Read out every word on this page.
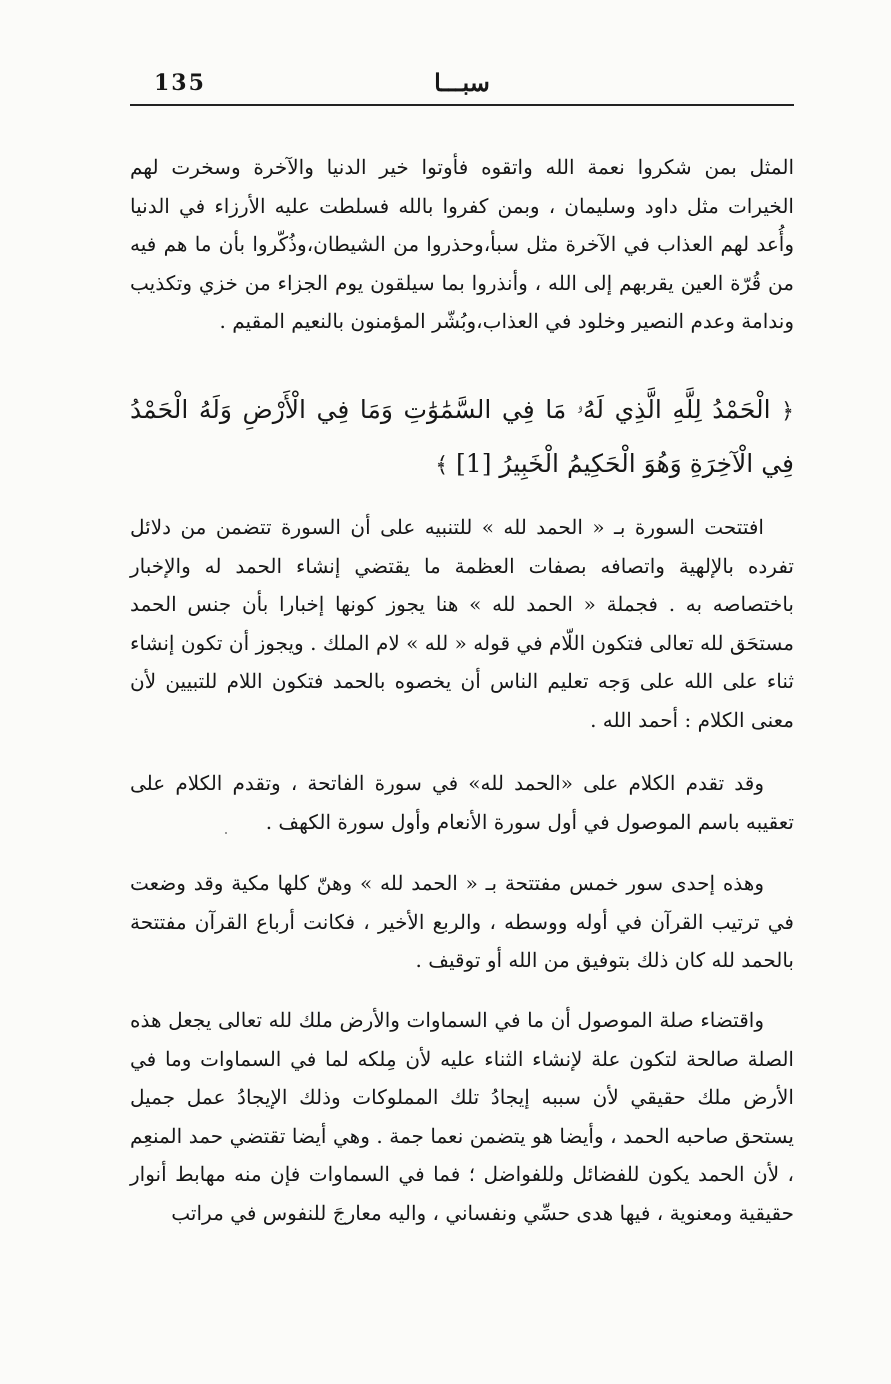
135	سبـــا

المثل بمن شكروا نعمة الله واتقوه فأوتوا خير الدنيا والآخرة وسخرت لهم الخيرات مثل داود وسليمان ، وبمن كفروا بالله فسلطت عليه الأرزاء في الدنيا وأُعد لهم العذاب في الآخرة مثل سبأ،وحذروا من الشيطان،وذُكّروا بأن ما هم فيه من قُرّة العين يقربهم إلى الله ، وأنذروا بما سيلقون يوم الجزاء من خزي وتكذيب وندامة وعدم النصير وخلود في العذاب،وبُشّر المؤمنون بالنعيم المقيم .

﴿ الْحَمْدُ لِلَّهِ الَّذِي لَهُۥ مَا فِي السَّمَٰوَٰتِ وَمَا فِي الْأَرْضِ وَلَهُ الْحَمْدُ فِي الْآخِرَةِ وَهُوَ الْحَكِيمُ الْخَبِيرُ [1] ﴾

افتتحت السورة بـ « الحمد لله » للتنبيه على أن السورة تتضمن من دلائل تفرده بالإلهية واتصافه بصفات العظمة ما يقتضي إنشاء الحمد له والإخبار باختصاصه به . فجملة « الحمد لله » هنا يجوز كونها إخبارا بأن جنس الحمد مستحَق لله تعالى فتكون اللّام في قوله « لله » لام الملك . ويجوز أن تكون إنشاء ثناء على الله على وَجه تعليم الناس أن يخصوه بالحمد فتكون اللام للتبيين لأن معنى الكلام : أحمد الله .

وقد تقدم الكلام على «الحمد لله» في سورة الفاتحة ، وتقدم الكلام على تعقيبه باسم الموصول في أول سورة الأنعام وأول سورة الكهف .

وهذه إحدى سور خمس مفتتحة بـ « الحمد لله » وهنّ كلها مكية وقد وضعت في ترتيب القرآن في أوله ووسطه ، والربع الأخير ، فكانت أرباع القرآن مفتتحة بالحمد لله كان ذلك بتوفيق من الله أو توقيف .

واقتضاء صلة الموصول أن ما في السماوات والأرض ملك لله تعالى يجعل هذه الصلة صالحة لتكون علة لإنشاء الثناء عليه لأن مِلكه لما في السماوات وما في الأرض ملك حقيقي لأن سببه إيجادُ تلك المملوكات وذلك الإيجادُ عمل جميل يستحق صاحبه الحمد ، وأيضا هو يتضمن نعما جمة . وهي أيضا تقتضي حمد المنعِم ، لأن الحمد يكون للفضائل وللفواضل ؛ فما في السماوات فإن منه مهابط أنوار حقيقية ومعنوية ، فيها هدى حسِّي ونفساني ، واليه معارجَ للنفوس في مراتب
